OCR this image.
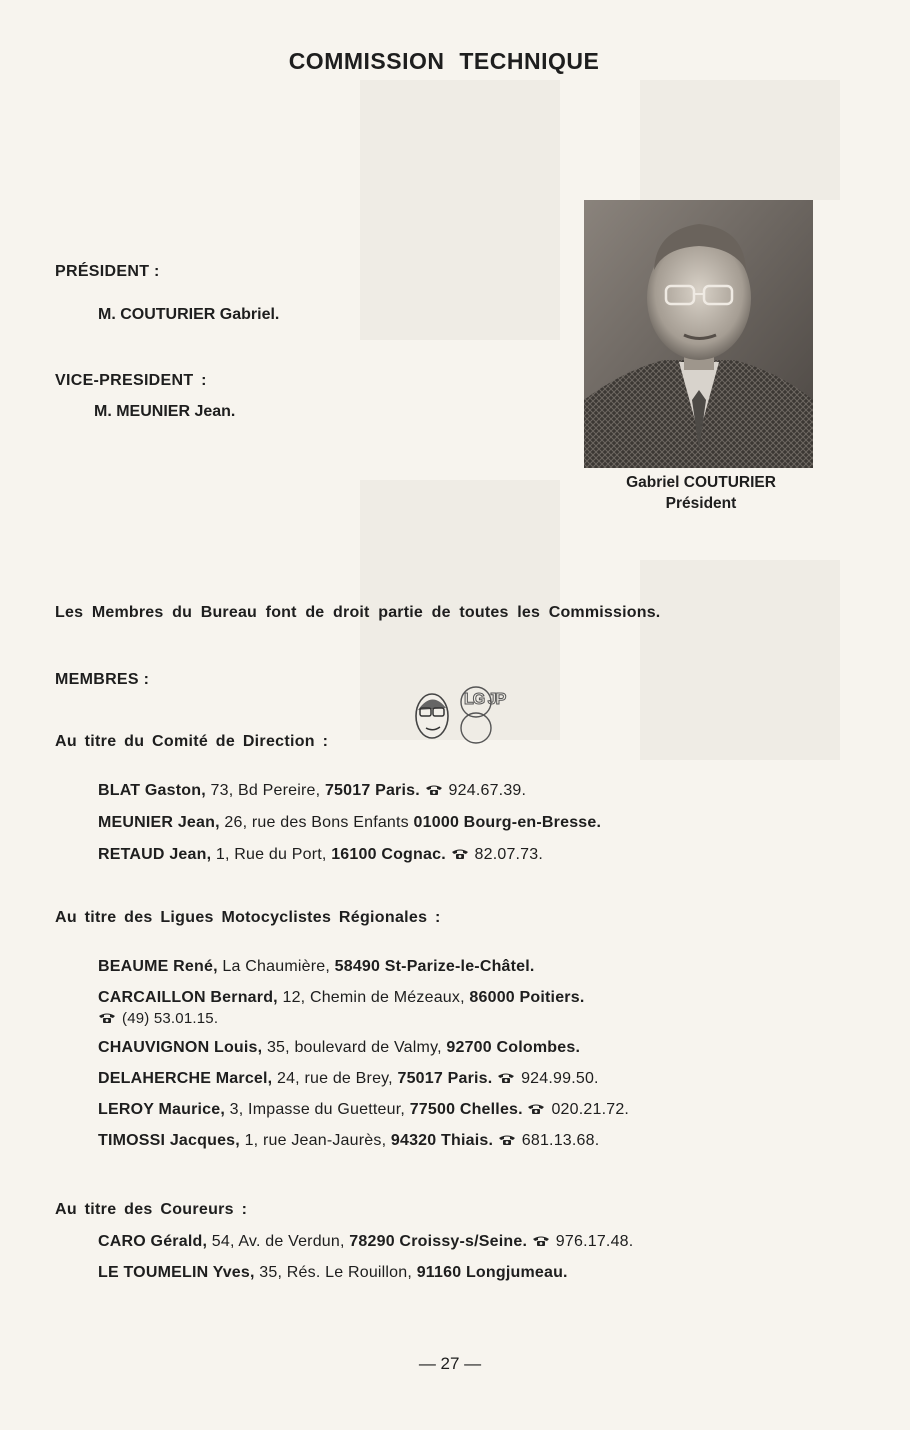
COMMISSION TECHNIQUE
PRÉSIDENT :
M. COUTURIER Gabriel.
VICE-PRESIDENT :
M. MEUNIER Jean.
Gabriel COUTURIER
Président
Les Membres du Bureau font de droit partie de toutes les Commissions.
MEMBRES :
LG JP
Au titre du Comité de Direction :
BLAT Gaston, 73, Bd Pereire, 75017 Paris. 924.67.39.
MEUNIER Jean, 26, rue des Bons Enfants 01000 Bourg-en-Bresse.
RETAUD Jean, 1, Rue du Port, 16100 Cognac. 82.07.73.
Au titre des Ligues Motocyclistes Régionales :
BEAUME René, La Chaumière, 58490 St-Parize-le-Châtel.
CARCAILLON Bernard, 12, Chemin de Mézeaux, 86000 Poitiers.
(49) 53.01.15.
CHAUVIGNON Louis, 35, boulevard de Valmy, 92700 Colombes.
DELAHERCHE Marcel, 24, rue de Brey, 75017 Paris. 924.99.50.
LEROY Maurice, 3, Impasse du Guetteur, 77500 Chelles. 020.21.72.
TIMOSSI Jacques, 1, rue Jean-Jaurès, 94320 Thiais. 681.13.68.
Au titre des Coureurs :
CARO Gérald, 54, Av. de Verdun, 78290 Croissy-s/Seine. 976.17.48.
LE TOUMELIN Yves, 35, Rés. Le Rouillon, 91160 Longjumeau.
— 27 —
